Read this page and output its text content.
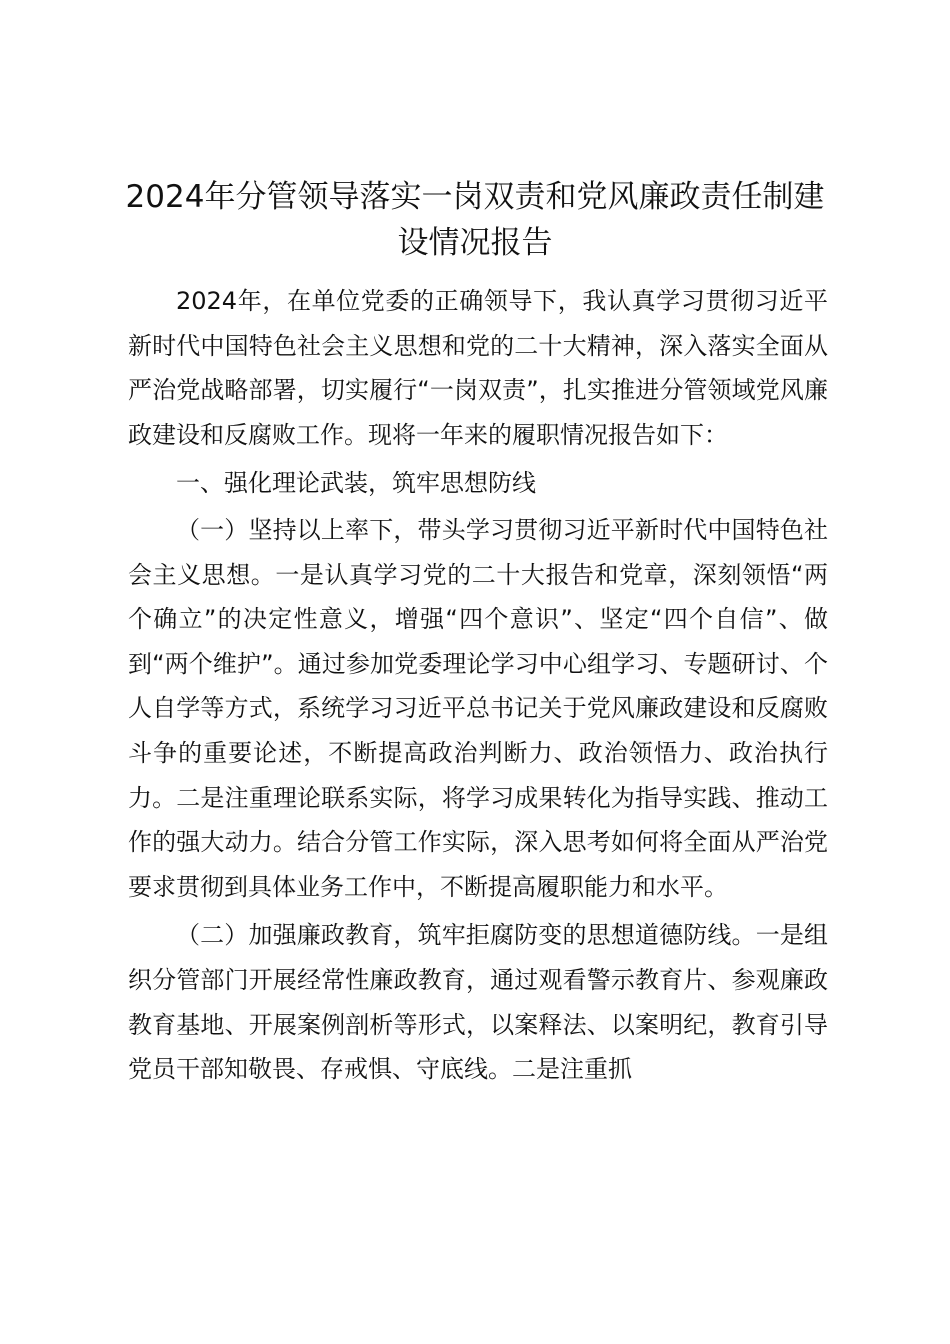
2024年分管领导落实一岗双责和党风廉政责任制建设情况报告

2024年，在单位党委的正确领导下，我认真学习贯彻习近平新时代中国特色社会主义思想和党的二十大精神，深入落实全面从严治党战略部署，切实履行“一岗双责”，扎实推进分管领域党风廉政建设和反腐败工作。现将一年来的履职情况报告如下：

一、强化理论武装，筑牢思想防线

（一）坚持以上率下，带头学习贯彻习近平新时代中国特色社会主义思想。一是认真学习党的二十大报告和党章，深刻领悟“两个确立”的决定性意义，增强“四个意识”、坚定“四个自信”、做到“两个维护”。通过参加党委理论学习中心组学习、专题研讨、个人自学等方式，系统学习习近平总书记关于党风廉政建设和反腐败斗争的重要论述，不断提高政治判断力、政治领悟力、政治执行力。二是注重理论联系实际，将学习成果转化为指导实践、推动工作的强大动力。结合分管工作实际，深入思考如何将全面从严治党要求贯彻到具体业务工作中，不断提高履职能力和水平。

（二）加强廉政教育，筑牢拒腐防变的思想道德防线。一是组织分管部门开展经常性廉政教育，通过观看警示教育片、参观廉政教育基地、开展案例剖析等形式，以案释法、以案明纪，教育引导党员干部知敬畏、存戒惧、守底线。二是注重抓
